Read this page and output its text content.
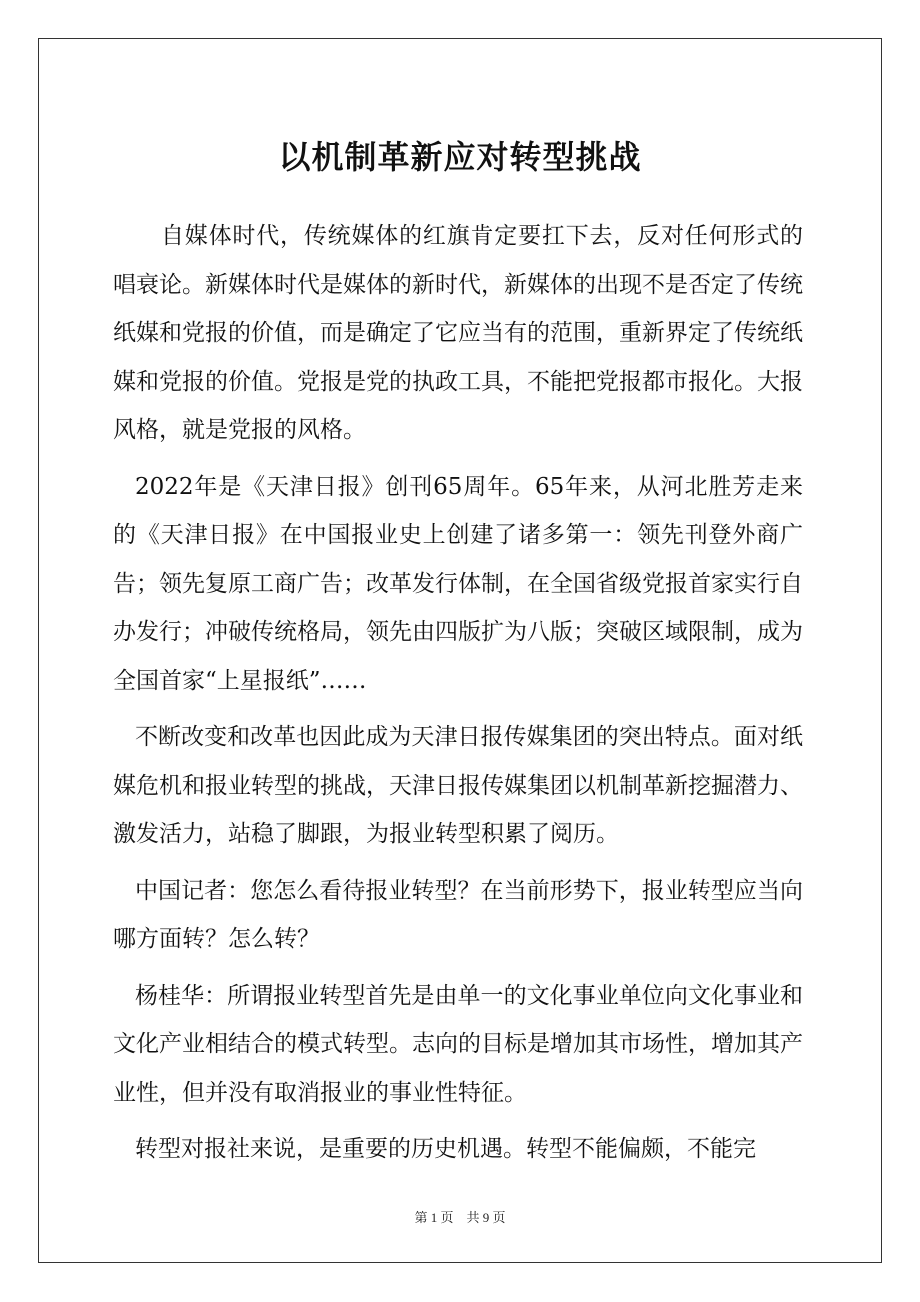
以机制革新应对转型挑战

自媒体时代，传统媒体的红旗肯定要扛下去，反对任何形式的唱衰论。新媒体时代是媒体的新时代，新媒体的出现不是否定了传统纸媒和党报的价值，而是确定了它应当有的范围，重新界定了传统纸媒和党报的价值。党报是党的执政工具，不能把党报都市报化。大报风格，就是党报的风格。

2022年是《天津日报》创刊65周年。65年来，从河北胜芳走来的《天津日报》在中国报业史上创建了诸多第一：领先刊登外商广告；领先复原工商广告；改革发行体制，在全国省级党报首家实行自办发行；冲破传统格局，领先由四版扩为八版；突破区域限制，成为全国首家“上星报纸”……

不断改变和改革也因此成为天津日报传媒集团的突出特点。面对纸媒危机和报业转型的挑战，天津日报传媒集团以机制革新挖掘潜力、激发活力，站稳了脚跟，为报业转型积累了阅历。

中国记者：您怎么看待报业转型？在当前形势下，报业转型应当向哪方面转？怎么转？

杨桂华：所谓报业转型首先是由单一的文化事业单位向文化事业和文化产业相结合的模式转型。志向的目标是增加其市场性，增加其产业性，但并没有取消报业的事业性特征。

转型对报社来说，是重要的历史机遇。转型不能偏颇，不能完

第 1 页    共 9 页
